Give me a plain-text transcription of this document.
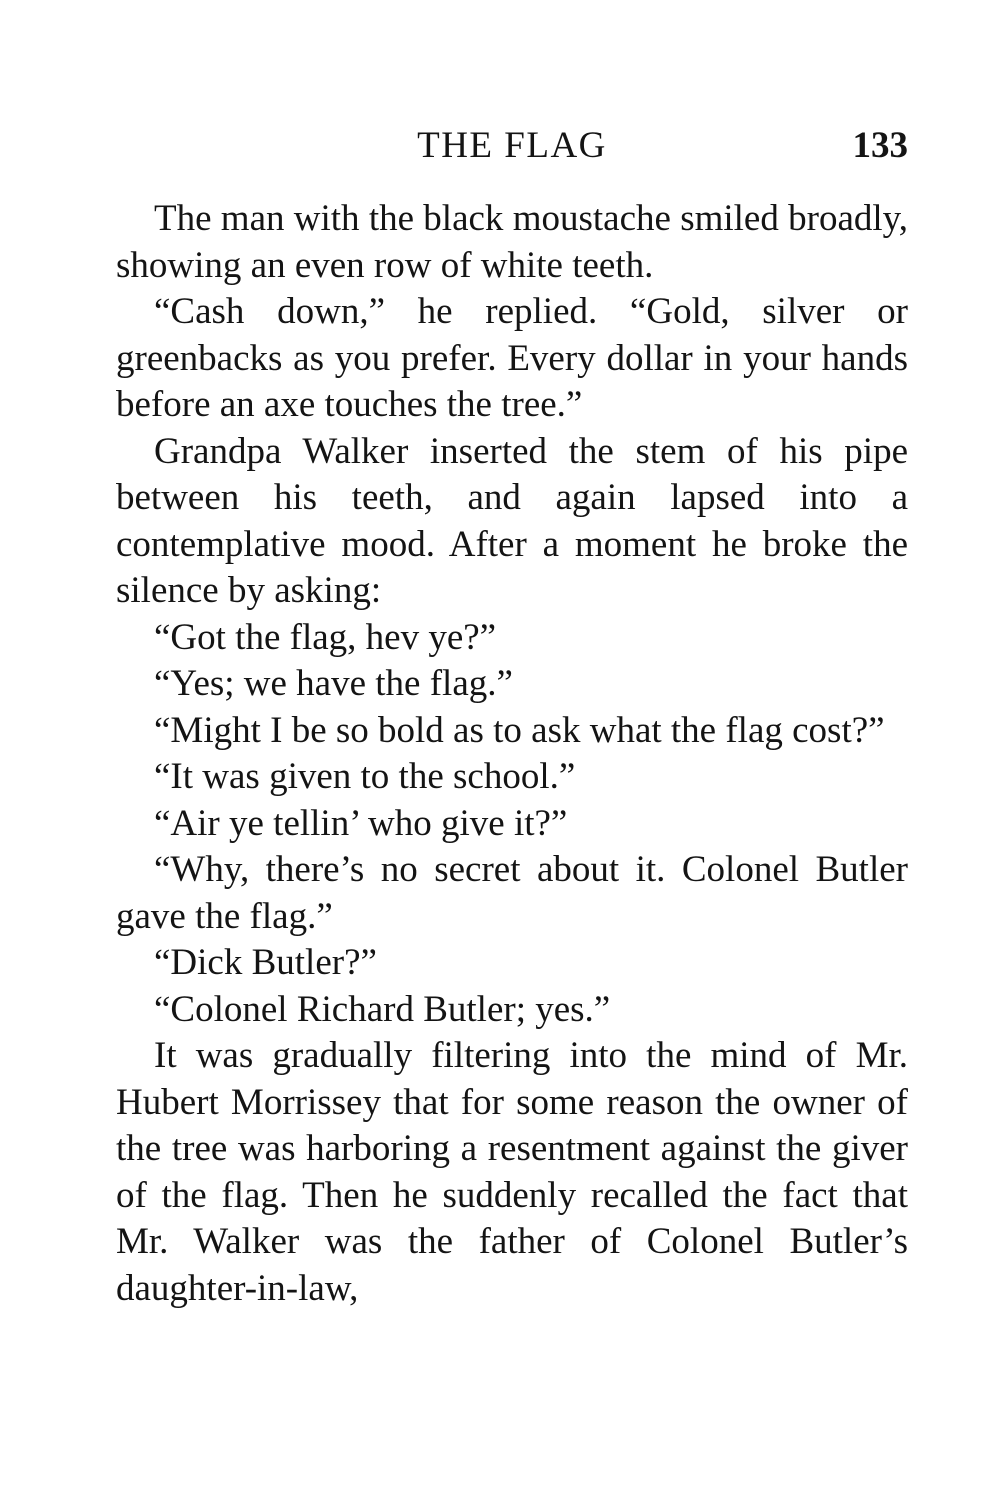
THE FLAG	133

The man with the black moustache smiled broadly, showing an even row of white teeth.

“Cash down,” he replied. “Gold, silver or greenbacks as you prefer. Every dollar in your hands before an axe touches the tree.”

Grandpa Walker inserted the stem of his pipe between his teeth, and again lapsed into a contemplative mood. After a moment he broke the silence by asking:

“Got the flag, hev ye?”

“Yes; we have the flag.”

“Might I be so bold as to ask what the flag cost?”

“It was given to the school.”

“Air ye tellin’ who give it?”

“Why, there’s no secret about it. Colonel Butler gave the flag.”

“Dick Butler?”

“Colonel Richard Butler; yes.”

It was gradually filtering into the mind of Mr. Hubert Morrissey that for some reason the owner of the tree was harboring a resentment against the giver of the flag. Then he suddenly recalled the fact that Mr. Walker was the father of Colonel Butler’s daughter-in-law,
